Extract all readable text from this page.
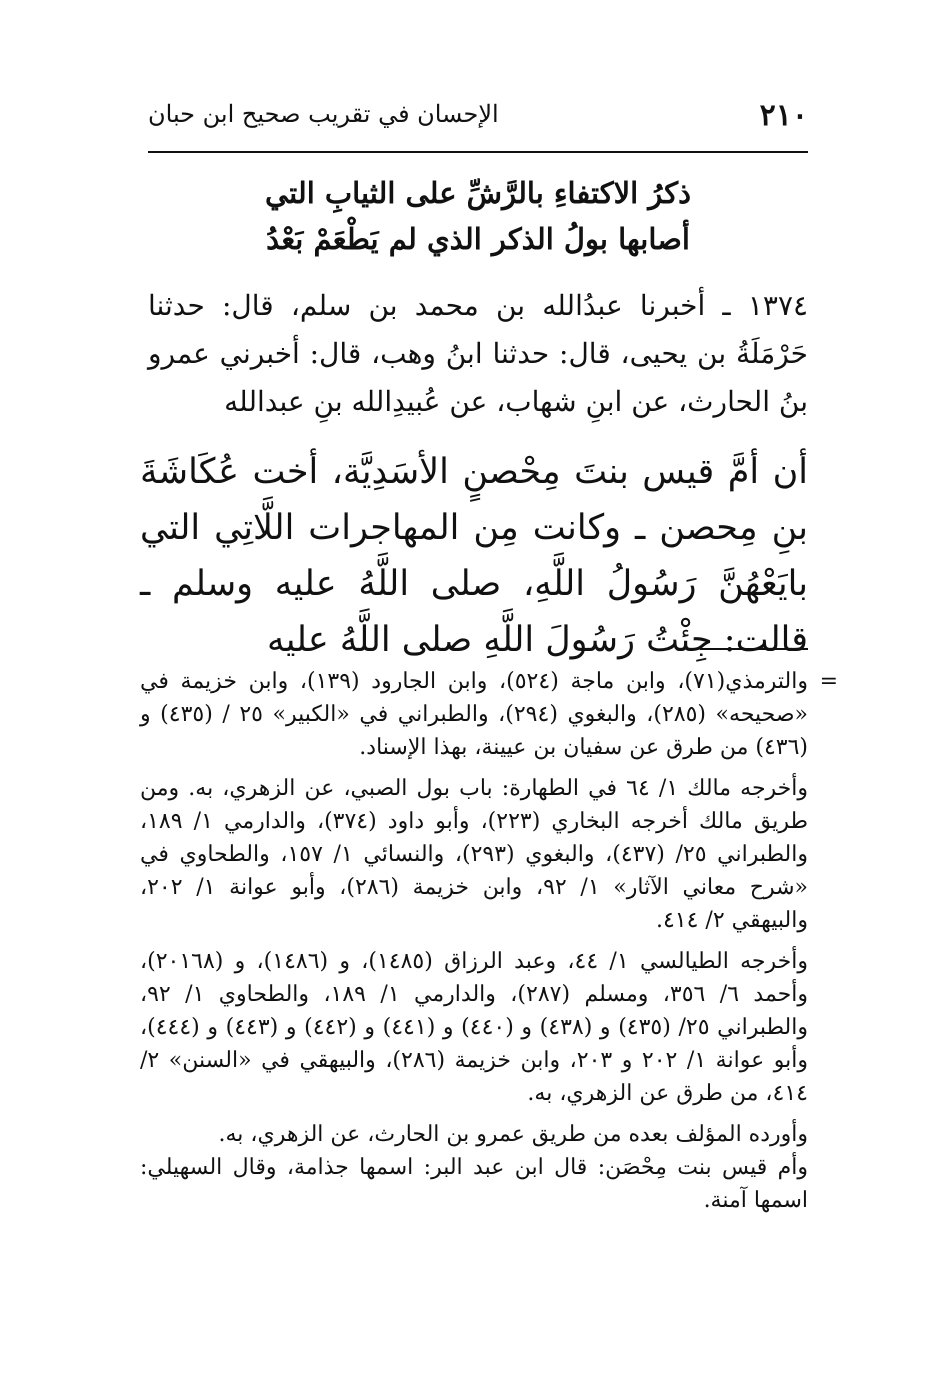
٢١٠
الإحسان في تقريب صحيح ابن حبان
ذكرُ الاكتفاءِ بالرَّشِّ على الثيابِ التي
أصابها بولُ الذكر الذي لم يَطْعَمْ بَعْدُ

١٣٧٤ ـ أخبرنا عبدُالله بن محمد بن سلم، قال: حدثنا حَرْمَلَةُ بن يحيى، قال: حدثنا ابنُ وهب، قال: أخبرني عمرو بنُ الحارث، عن ابنِ شهاب، عن عُبيدِالله بنِ عبدالله

أن أمَّ قيس بنتَ مِحْصنٍ الأسَدِيَّة، أخت عُكَاشَةَ بنِ مِحصن ـ وكانت مِن المهاجرات اللَّاتِي التي بايَعْهُنَّ رَسُولُ اللَّهِ، صلى اللَّهُ عليه وسلم ـ قالت: جِئْتُ رَسُولَ اللَّهِ صلى اللَّهُ عليه

=

والترمذي(٧١)، وابن ماجة (٥٢٤)، وابن الجارود (١٣٩)، وابن خزيمة في «صحيحه» (٢٨٥)، والبغوي (٢٩٤)، والطبراني في «الكبير» ٢٥ / (٤٣٥) و (٤٣٦) من طرق عن سفيان بن عيينة، بهذا الإسناد.

وأخرجه مالك ١/ ٦٤ في الطهارة: باب بول الصبي، عن الزهري، به. ومن طريق مالك أخرجه البخاري (٢٢٣)، وأبو داود (٣٧٤)، والدارمي ١/ ١٨٩، والطبراني ٢٥/ (٤٣٧)، والبغوي (٢٩٣)، والنسائي ١/ ١٥٧، والطحاوي في «شرح معاني الآثار» ١/ ٩٢، وابن خزيمة (٢٨٦)، وأبو عوانة ١/ ٢٠٢، والبيهقي ٢/ ٤١٤.

وأخرجه الطيالسي ١/ ٤٤، وعبد الرزاق (١٤٨٥)، و (١٤٨٦)، و (٢٠١٦٨)، وأحمد ٦/ ٣٥٦، ومسلم (٢٨٧)، والدارمي ١/ ١٨٩، والطحاوي ١/ ٩٢، والطبراني ٢٥/ (٤٣٥) و (٤٣٨) و (٤٤٠) و (٤٤١) و (٤٤٢) و (٤٤٣) و (٤٤٤)، وأبو عوانة ١/ ٢٠٢ و ٢٠٣، وابن خزيمة (٢٨٦)، والبيهقي في «السنن» ٢/ ٤١٤، من طرق عن الزهري، به.

وأورده المؤلف بعده من طريق عمرو بن الحارث، عن الزهري، به.

وأم قيس بنت مِحْصَن: قال ابن عبد البر: اسمها جذامة، وقال السهيلي: اسمها آمنة.
